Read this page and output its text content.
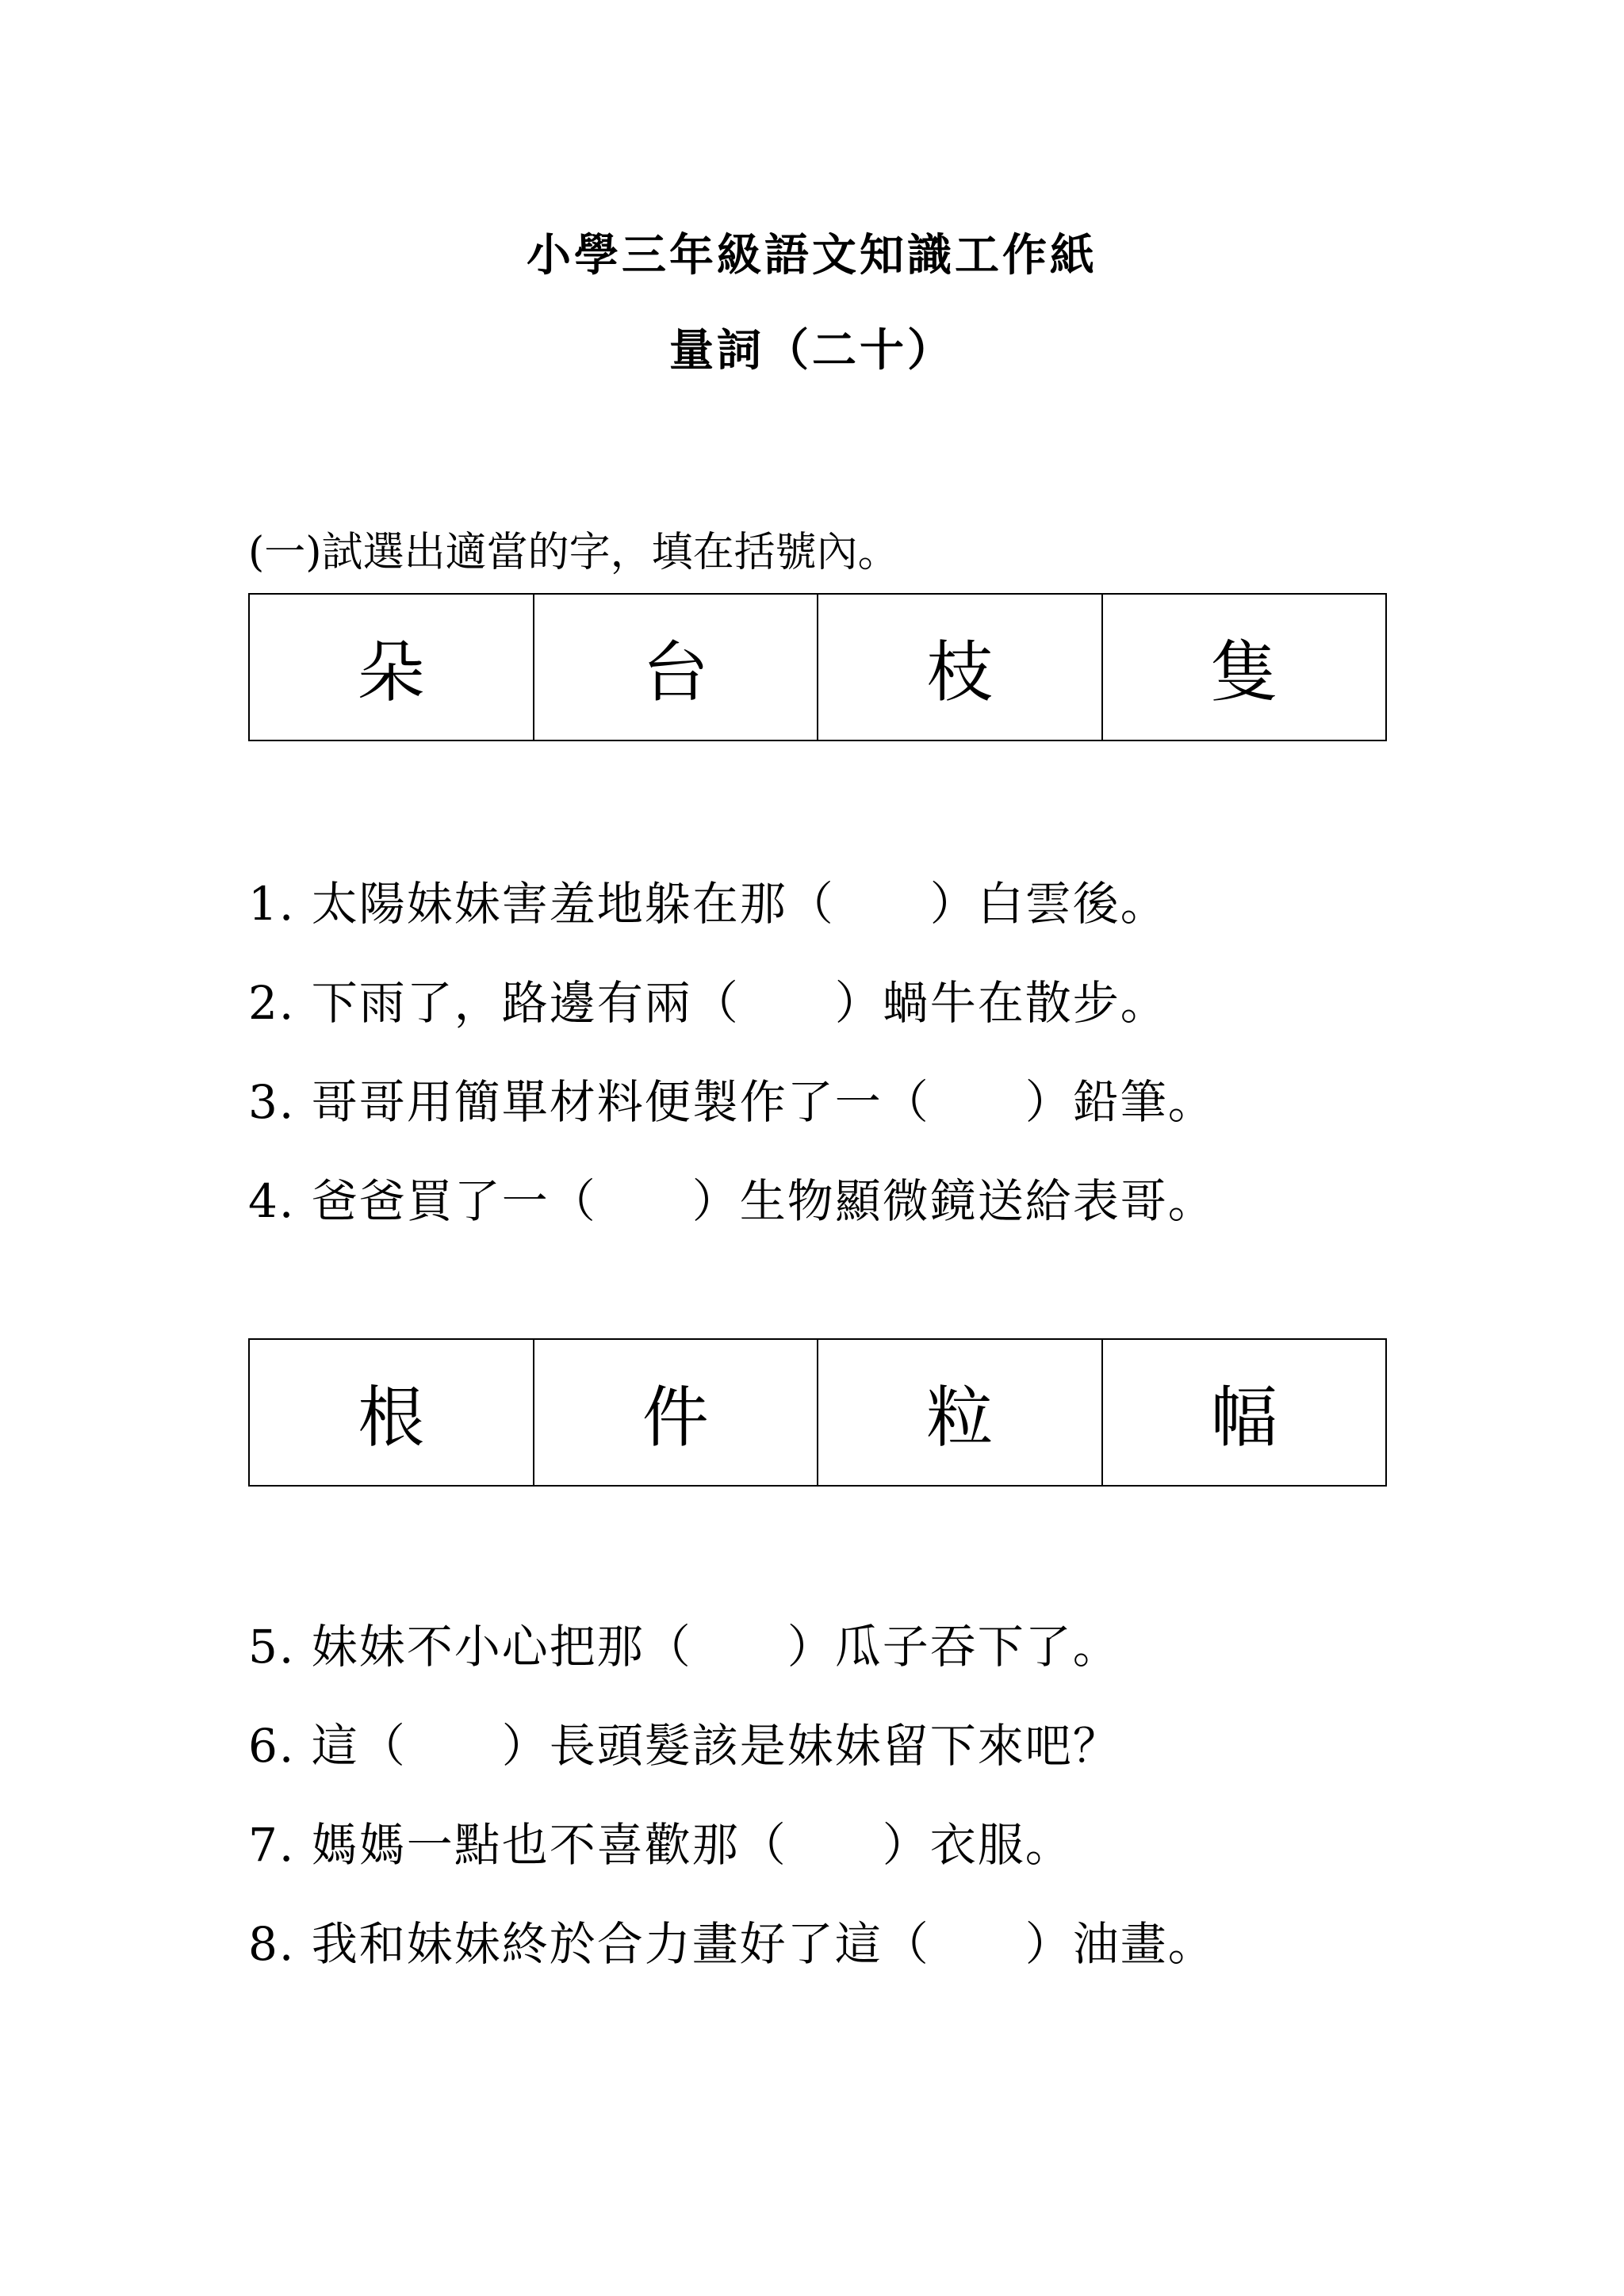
小學三年級語文知識工作紙
量詞（二十）
(一)試選出適當的字，填在括號內。
朵	台	枝	隻
1. 太陽妹妹害羞地躲在那（　　）白雲後。
2. 下雨了，路邊有兩（　　）蝸牛在散步。
3. 哥哥用簡單材料便製作了一（　　）鉛筆。
4. 爸爸買了一（　　）生物顯微鏡送給表哥。
根	件	粒	幅
5. 妹妹不小心把那（　　）瓜子吞下了。
6. 這（　　）長頭髮該是妹妹留下來吧？
7. 媽媽一點也不喜歡那（　　）衣服。
8. 我和妹妹終於合力畫好了這（　　）油畫。
